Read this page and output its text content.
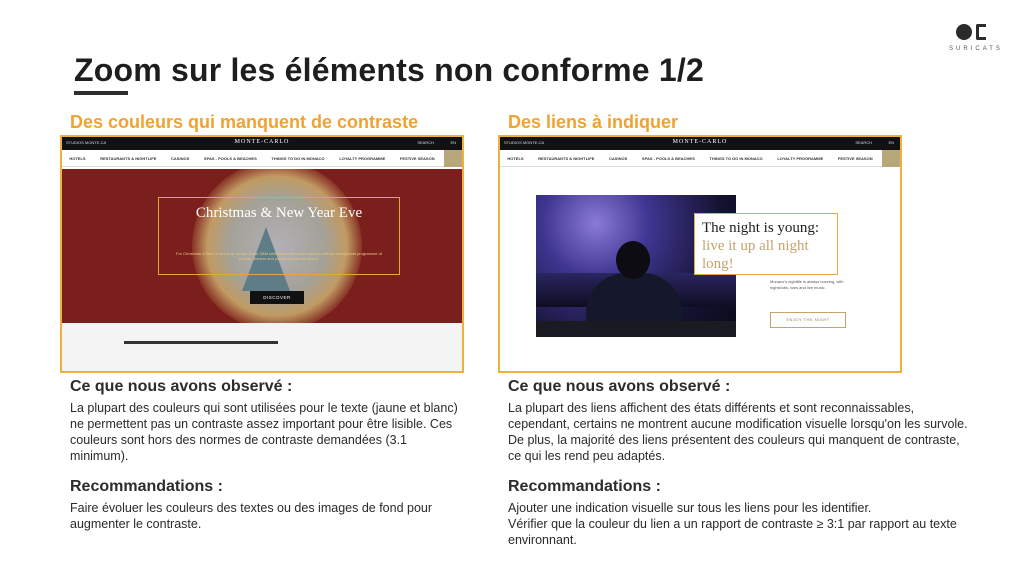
SURICATS
Zoom sur les éléments non conforme 1/2
Des couleurs qui manquent de contraste	Des liens à indiquer
STUDIOS MONTE-CA	MONTE-CARLO	SEARCH	EN
HOTELS	RESTAURANTS & NIGHTLIFE	CASINOS	SPAS - POOLS & BEACHES	THINGS TO DO IN MONACO	LOYALTY PROGRAMME	FESTIVE SEASON
Christmas & New Year Eve
For Christmas & New Year's Eve, Monte-Carlo SBM celebrates the festive season with an exceptional programme of events, dinners and parties across the resort.
DISCOVER
STUDIOS MONTE-CA	MONTE-CARLO	SEARCH	EN
HOTELS	RESTAURANTS & NIGHTLIFE	CASINOS	SPAS - POOLS & BEACHES	THINGS TO DO IN MONACO	LOYALTY PROGRAMME	FESTIVE SEASON
The night is young: live it up all night long!
Monaco's nightlife is always buzzing, with nightclubs, bars and live music.
ENJOY THE NIGHT
Ce que nous avons observé :
La plupart des couleurs qui sont utilisées pour le texte (jaune et blanc) ne permettent pas un contraste assez important pour être lisible. Ces couleurs sont hors des normes de contraste demandées (3.1 minimum).
Recommandations :
Faire évoluer les couleurs des textes ou des images de fond pour augmenter le contraste.
Ce que nous avons observé :
La plupart des liens affichent des états différents et sont reconnaissables, cependant, certains ne montrent aucune modification visuelle lorsqu'on les survole. De plus, la majorité des liens présentent des couleurs qui manquent de contraste, ce qui les rend peu adaptés.
Recommandations :
Ajouter une indication visuelle sur tous les liens pour les identifier.
Vérifier que la couleur du lien a un rapport de contraste ≥ 3:1 par rapport au texte environnant.
